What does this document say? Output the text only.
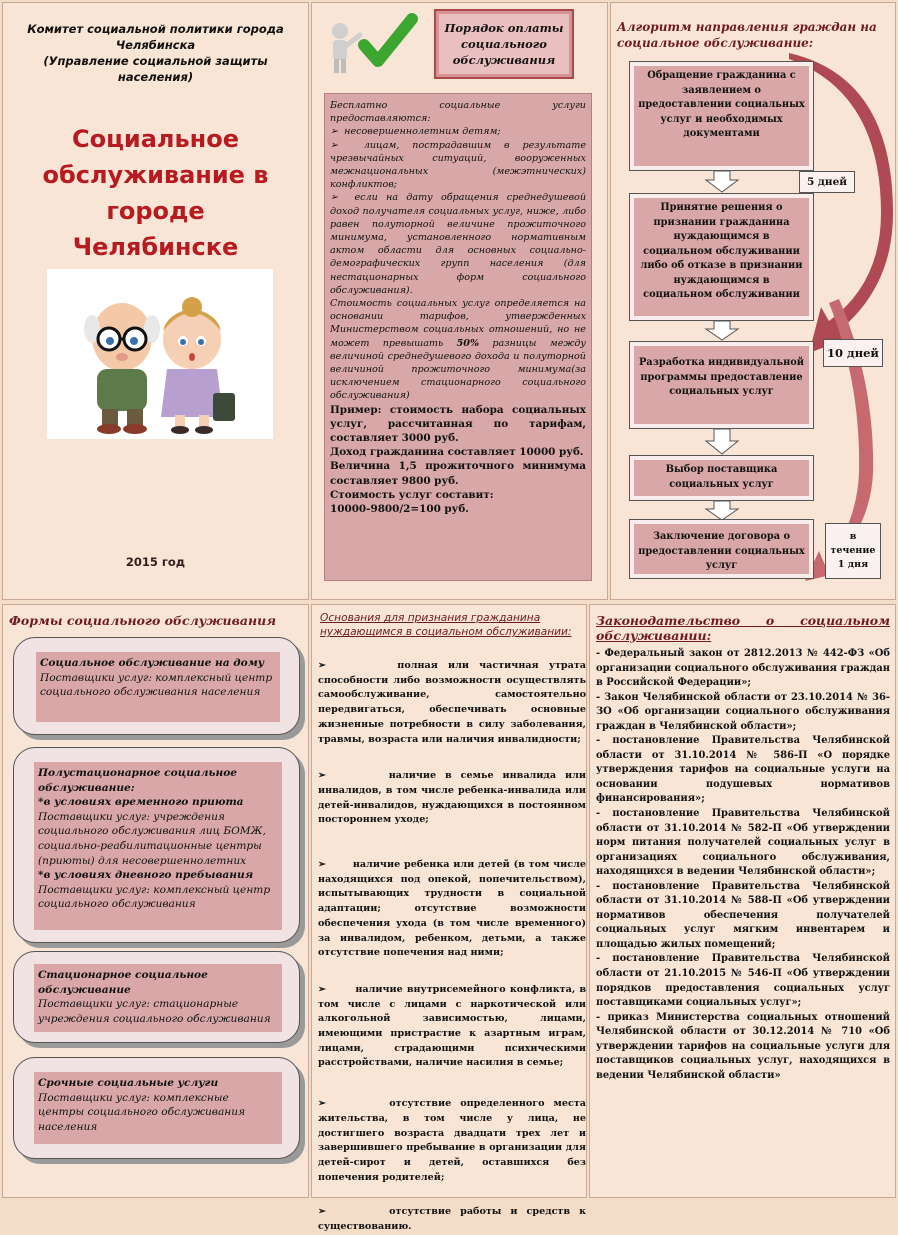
Комитет социальной политики города
Челябинска
(Управление социальной защиты населения)
Социальное
обслуживание в
городе Челябинске
2015 год
Порядок оплаты
социального
обслуживания

Бесплатно социальные услуги предоставляются:

➢  несовершеннолетним детям;

➢  лицам, пострадавшим в результате чрезвычайных ситуаций, вооруженных межнациональных (межэтнических) конфликтов;

➢  если на дату обращения среднедушевой доход получателя социальных услуг, ниже, либо равен полуторной величине прожиточного минимума, установленного нормативным актом области для основных социально-демографических групп населения (для нестационарных форм социального обслуживания).

Стоимость социальных услуг определяется на основании тарифов, утвержденных Министерством социальных отношений, но не может превышать 50% разницы между величиной среднедушевого дохода и полуторной величиной прожиточного минимума(за исключением стационарного социального обслуживания)

Пример: стоимость набора социальных услуг, рассчитанная по тарифам, составляет 3000 руб.

Доход гражданина составляет 10000 руб.

Величина 1,5 прожиточного минимума составляет 9800 руб.

Стоимость услуг составит:

10000-9800/2=100 руб.

Алгоритм направления граждан на социальное обслуживание:
Обращение гражданина с заявлением о предоставлении социальных услуг и необходимых документами
5 дней
Принятие решения о признании гражданина нуждающимся в социальном обслуживании либо об отказе в признании нуждающимся в социальном обслуживании
10 дней
Разработка индивидуальной программы предоставление социальных услуг
Выбор поставщика социальных услуг
Заключение договора о предоставлении социальных услуг
в
течение
1 дня
Формы социального обслуживания
Социальное обслуживание на дому
Поставщики услуг: комплексный центр социального обслуживания населения
Полустационарное социальное обслуживание:
*в условиях временного приюта
Поставщики услуг: учреждения социального обслуживания лиц БОМЖ, социально-реабилитационные центры (приюты) для несовершеннолетних
*в условиях дневного пребывания
Поставщики услуг: комплексный центр социального обслуживания
Стационарное социальное обслуживание
Поставщики услуг: стационарные учреждения социального обслуживания
Срочные социальные услуги
Поставщики услуг: комплексные центры социального обслуживания населения
Основания для признания гражданина нуждающимся в социальном обслуживании:

➢       полная или частичная утрата способности либо возможности осуществлять самообслуживание, самостоятельно передвигаться, обеспечивать основные жизненные потребности в силу заболевания, травмы, возраста или наличия инвалидности;

➢       наличие в семье инвалида или инвалидов, в том числе ребенка-инвалида или детей-инвалидов, нуждающихся в постоянном постороннем уходе;

➢       наличие ребенка или детей (в том числе находящихся под опекой, попечительством), испытывающих трудности в социальной адаптации; отсутствие возможности обеспечения ухода (в том числе временного) за инвалидом, ребенком, детьми, а также отсутствие попечения над ними;

➢       наличие внутрисемейного конфликта, в том числе с лицами с наркотической или алкогольной зависимостью, лицами, имеющими пристрастие к азартным играм, лицами, страдающими психическими расстройствами, наличие насилия в семье;

➢       отсутствие определенного места жительства, в том числе у лица, не достигшего возраста двадцати трех лет и завершившего пребывание в организации для детей-сирот и детей, оставшихся без попечения родителей;

➢       отсутствие работы и средств к существованию.

Законодательство о социальном обслуживании:

- Федеральный закон от 2812.2013 № 442-ФЗ «Об организации социального обслуживания граждан в Российской Федерации»;

- Закон Челябинской области от 23.10.2014 № 36-ЗО «Об организации социального обслуживания граждан в Челябинской области»;

- постановление Правительства Челябинской области от 31.10.2014 № 586-П «О порядке утверждения тарифов на социальные услуги на основании подушевых нормативов финансирования»;

- постановление Правительства Челябинской области от 31.10.2014 № 582-П «Об утверждении норм питания получателей социальных услуг в организациях социального обслуживания, находящихся в ведении Челябинской области»;

- постановление Правительства Челябинской области от 31.10.2014 № 588-П «Об утверждении нормативов обеспечения получателей социальных услуг мягким инвентарем и площадью жилых помещений;

- постановление Правительства Челябинской области от 21.10.2015 № 546-П «Об утверждении порядков предоставления социальных услуг поставщиками социальных услуг»;

- приказ Министерства социальных отношений Челябинской области от 30.12.2014 № 710 «Об утверждении тарифов на социальные услуги для поставщиков социальных услуг, находящихся в ведении Челябинской области»
